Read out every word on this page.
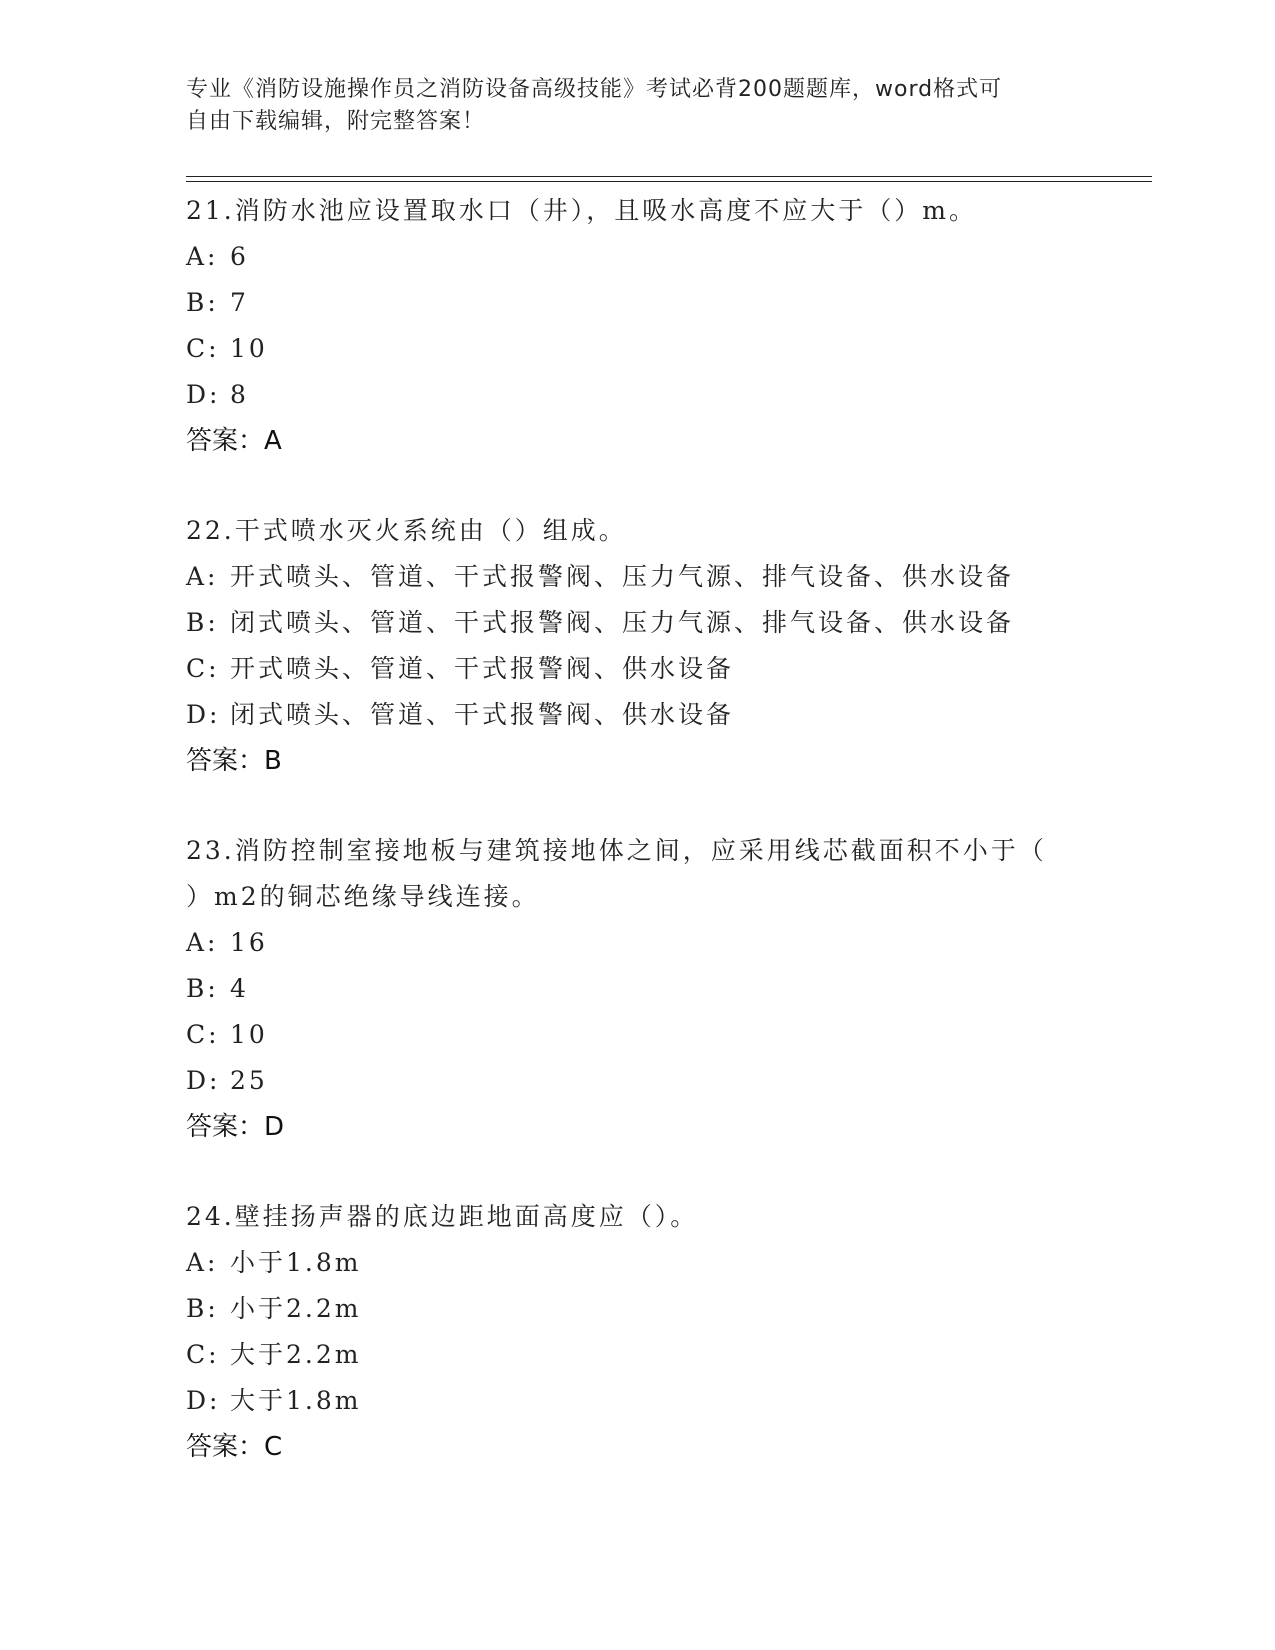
专业《消防设施操作员之消防设备高级技能》考试必背200题题库，word格式可
自由下载编辑，附完整答案！
21.消防水池应设置取水口（井），且吸水高度不应大于（）m。
A: 6
B: 7
C: 10
D: 8
答案：A
22.干式喷水灭火系统由（）组成。
A: 开式喷头、管道、干式报警阀、压力气源、排气设备、供水设备
B: 闭式喷头、管道、干式报警阀、压力气源、排气设备、供水设备
C: 开式喷头、管道、干式报警阀、供水设备
D: 闭式喷头、管道、干式报警阀、供水设备
答案：B
23.消防控制室接地板与建筑接地体之间，应采用线芯截面积不小于（
）m2的铜芯绝缘导线连接。
A: 16
B: 4
C: 10
D: 25
答案：D
24.壁挂扬声器的底边距地面高度应（）。
A: 小于1.8m
B: 小于2.2m
C: 大于2.2m
D: 大于1.8m
答案：C
